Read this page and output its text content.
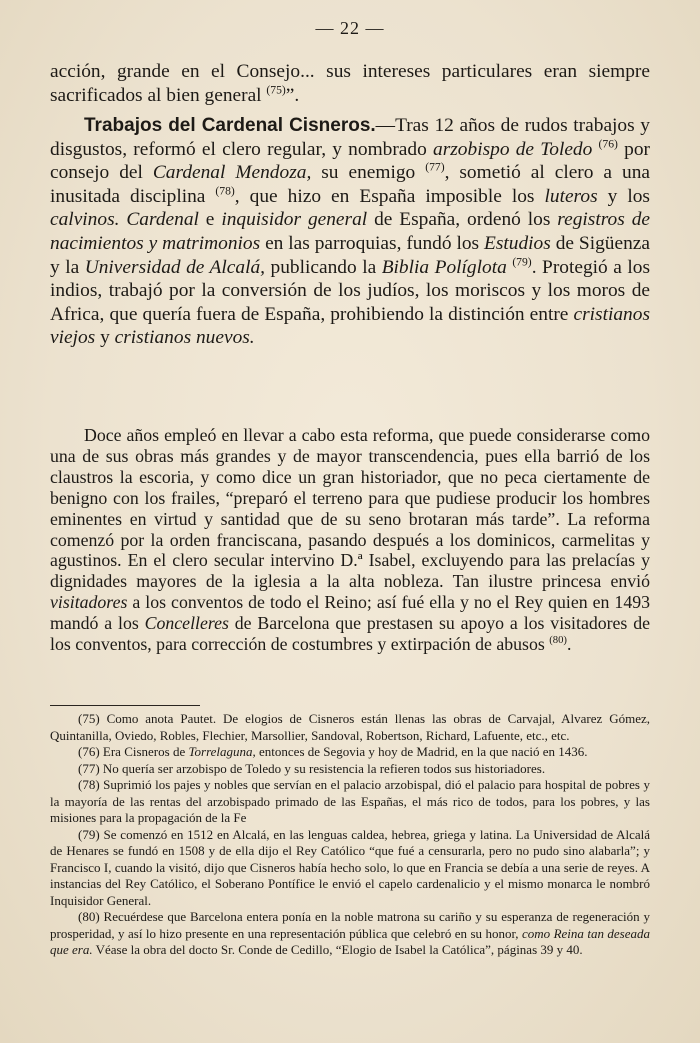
— 22 —

acción, grande en el Consejo... sus intereses particulares eran siempre sacrificados al bien general $^{(75)}$”.

Trabajos del Cardenal Cisneros.—Tras 12 años de rudos trabajos y disgustos, reformó el clero regular, y nombrado arzobispo de Toledo $^{(76)}$ por consejo del Cardenal Mendoza, su enemigo $^{(77)}$, sometió al clero a una inusitada disciplina $^{(78)}$, que hizo en España imposible los luteros y los calvinos. Cardenal e inquisidor general de España, ordenó los registros de nacimientos y matrimonios en las parroquias, fundó los Estudios de Sigüenza y la Universidad de Alcalá, publicando la Biblia Políglota $^{(79)}$. Protegió a los indios, trabajó por la conversión de los judíos, los moriscos y los moros de Africa, que quería fuera de España, prohibiendo la distinción entre cristianos viejos y cristianos nuevos.

Doce años empleó en llevar a cabo esta reforma, que puede considerarse como una de sus obras más grandes y de mayor transcendencia, pues ella barrió de los claustros la escoria, y como dice un gran historiador, que no peca ciertamente de benigno con los frailes, “preparó el terreno para que pudiese producir los hombres eminentes en virtud y santidad que de su seno brotaran más tarde”. La reforma comenzó por la orden franciscana, pasando después a los dominicos, carmelitas y agustinos. En el clero secular intervino D.ª Isabel, excluyendo para las prelacías y dignidades mayores de la iglesia a la alta nobleza. Tan ilustre princesa envió visitadores a los conventos de todo el Reino; así fué ella y no el Rey quien en 1493 mandó a los Concelleres de Barcelona que prestasen su apoyo a los visitadores de los conventos, para corrección de costumbres y extirpación de abusos $^{(80)}$.

(75) Como anota Pautet. De elogios de Cisneros están llenas las obras de Carvajal, Alvarez Gómez, Quintanilla, Oviedo, Robles, Flechier, Marsollier, Sandoval, Robertson, Richard, Lafuente, etc., etc.

(76) Era Cisneros de Torrelaguna, entonces de Segovia y hoy de Madrid, en la que nació en 1436.

(77) No quería ser arzobispo de Toledo y su resistencia la refieren todos sus historiadores.

(78) Suprimió los pajes y nobles que servían en el palacio arzobispal, dió el palacio para hospital de pobres y la mayoría de las rentas del arzobispado primado de las Españas, el más rico de todos, para los pobres, y las misiones para la propagación de la Fe

(79) Se comenzó en 1512 en Alcalá, en las lenguas caldea, hebrea, griega y latina. La Universidad de Alcalá de Henares se fundó en 1508 y de ella dijo el Rey Católico “que fué a censurarla, pero no pudo sino alabarla”; y Francisco I, cuando la visitó, dijo que Cisneros había hecho solo, lo que en Francia se debía a una serie de reyes. A instancias del Rey Católico, el Soberano Pontífice le envió el capelo cardenalicio y el mismo monarca le nombró Inquisidor General.

(80) Recuérdese que Barcelona entera ponía en la noble matrona su cariño y su esperanza de regeneración y prosperidad, y así lo hizo presente en una representación pública que celebró en su honor, como Reina tan deseada que era. Véase la obra del docto Sr. Conde de Cedillo, “Elogio de Isabel la Católica”, páginas 39 y 40.
